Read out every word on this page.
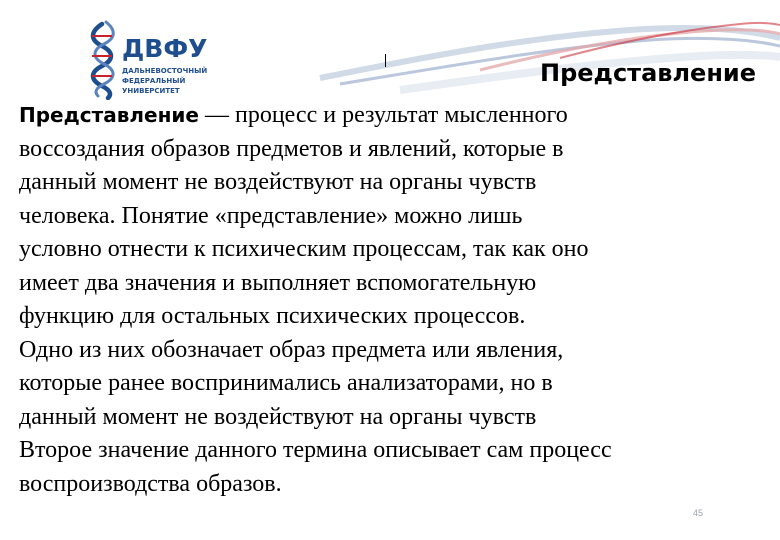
ДВФУ
ДАЛЬНЕВОСТОЧНЫЙ
ФЕДЕРАЛЬНЫЙ
УНИВЕРСИТЕТ
Представление
Представление — процесс и результат мысленного
воссоздания образов предметов и явлений, которые в
данный момент не воздействуют на органы чувств
человека. Понятие «представление» можно лишь
условно отнести к психическим процессам, так как оно
имеет два значения и выполняет вспомогательную
функцию для остальных психических процессов.
Одно из них обозначает образ предмета или явления,
которые ранее воспринимались анализаторами, но в
данный момент не воздействуют на органы чувств
Второе значение данного термина описывает сам процесс
воспроизводства образов.
45
